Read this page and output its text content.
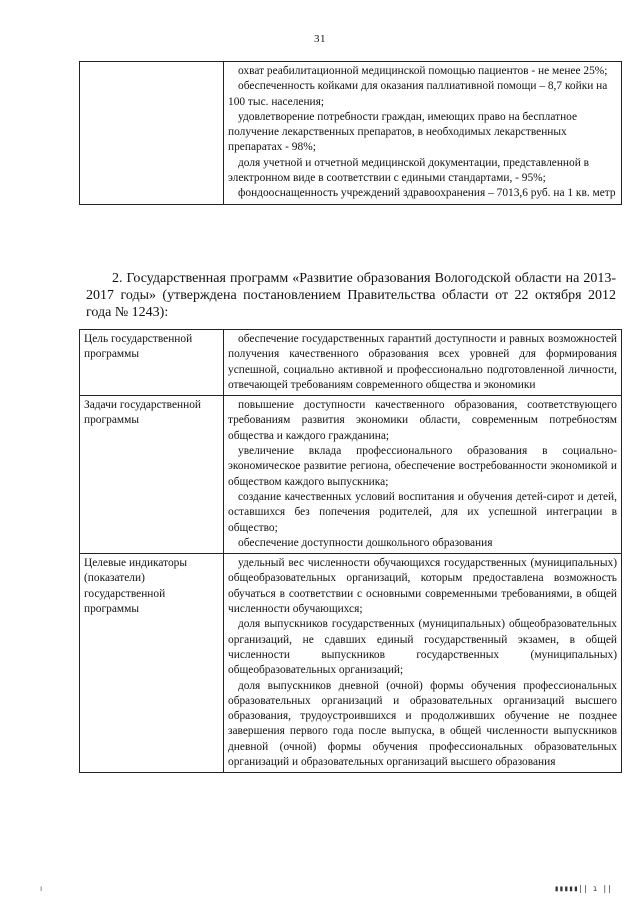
31

охват реабилитационной медицинской помощью пациентов - не менее 25%;

обеспеченность койками для оказания паллиативной помощи – 8,7 койки на 100 тыс. населения;

удовлетворение потребности граждан, имеющих право на бесплатное получение лекарственных препаратов, в необходимых лекарственных препаратах - 98%;

доля учетной и отчетной медицинской документации, представленной в электронном виде в соответствии с едиными стандартами, - 95%;

фондооснащенность учреждений здравоохранения – 7013,6 руб. на 1 кв. метр

2. Государственная программ «Развитие образования Вологодской области на 2013-2017 годы» (утверждена постановлением Правительства области от 22 октября 2012 года № 1243):

Цель государственной программы	обеспечение государственных гарантий доступности и равных возможностей получения качественного образования всех уровней для формирования успешной, социально активной и профессионально подготовленной личности, отвечающей требованиям современного общества и экономики

Задачи государственной программы	повышение доступности качественного образования, соответствующего требованиям развития экономики области, современным потребностям общества и каждого гражданина;

увеличение вклада профессионального образования в социально-экономическое развитие региона, обеспечение востребованности экономикой и обществом каждого выпускника;

создание качественных условий воспитания и обучения детей-сирот и детей, оставшихся без попечения родителей, для их успешной интеграции в общество;

обеспечение доступности дошкольного образования

Целевые индикаторы (показатели) государственной программы	удельный вес численности обучающихся государственных (муниципальных) общеобразовательных организаций, которым предоставлена возможность обучаться в соответствии с основными современными требованиями, в общей численности обучающихся;

доля выпускников государственных (муниципальных) общеобразовательных организаций, не сдавших единый государственный экзамен, в общей численности выпускников государственных (муниципальных) общеобразовательных организаций;

доля выпускников дневной (очной) формы обучения профессиональных образовательных организаций и образовательных организаций высшего образования, трудоустроившихся и продолживших обучение не позднее завершения первого года после выпуска, в общей численности выпускников дневной (очной) формы обучения профессиональных образовательных организаций и образовательных организаций высшего образования

ı	▮▮▮▮▮|| ı ||
